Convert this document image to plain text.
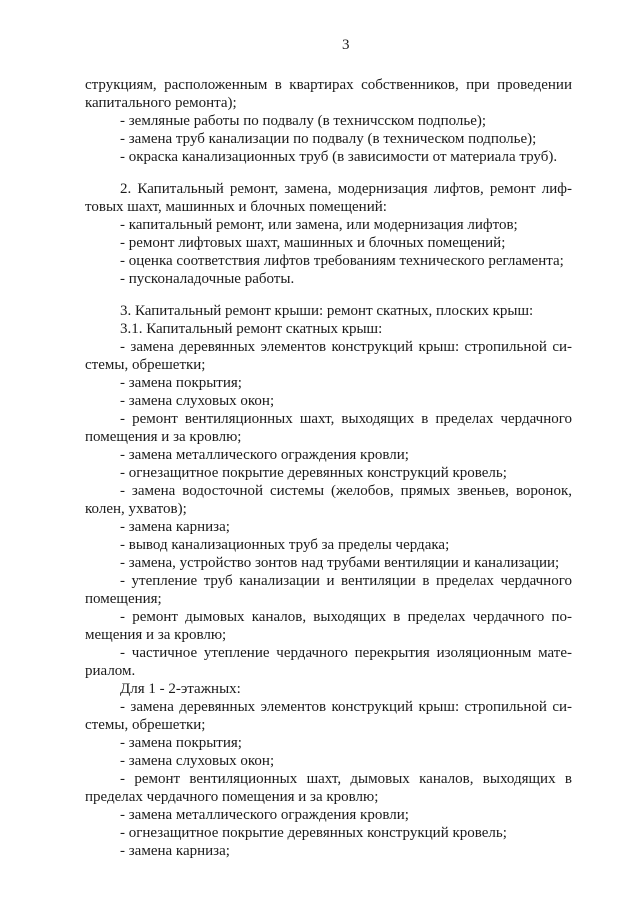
3
струкциям, расположенным в квартирах собственников, при проведении
капитального ремонта);
- земляные работы по подвалу (в техничсском подполье);
- замена труб канализации по подвалу (в техническом подполье);
- окраска канализационных труб (в зависимости от материала труб).
2. Капитальный ремонт, замена, модернизация лифтов, ремонт лиф-
товых шахт, машинных и блочных помещений:
- капитальный ремонт, или замена, или модернизация лифтов;
- ремонт лифтовых шахт, машинных и блочных помещений;
- оценка соответствия лифтов требованиям технического регламента;
- пусконаладочные работы.
3. Капитальный ремонт крыши: ремонт скатных, плоских крыш:
3.1. Капитальный ремонт скатных крыш:
- замена деревянных элементов конструкций крыш: стропильной си-
стемы, обрешетки;
- замена покрытия;
- замена слуховых окон;
- ремонт вентиляционных шахт, выходящих в пределах чердачного
помещения и за кровлю;
- замена металлического ограждения кровли;
- огнезащитное покрытие деревянных конструкций кровель;
- замена водосточной системы (желобов, прямых звеньев, воронок,
колен, ухватов);
- замена карниза;
- вывод канализационных труб за пределы чердака;
- замена, устройство зонтов над трубами вентиляции и канализации;
- утепление труб канализации и вентиляции в пределах чердачного
помещения;
- ремонт дымовых каналов, выходящих в пределах чердачного по-
мещения и за кровлю;
- частичное утепление чердачного перекрытия изоляционным мате-
риалом.
Для 1 - 2-этажных:
- замена деревянных элементов конструкций крыш: стропильной си-
стемы, обрешетки;
- замена покрытия;
- замена слуховых окон;
- ремонт вентиляционных шахт, дымовых каналов, выходящих в
пределах чердачного помещения и за кровлю;
- замена металлического ограждения кровли;
- огнезащитное покрытие деревянных конструкций кровель;
- замена карниза;
